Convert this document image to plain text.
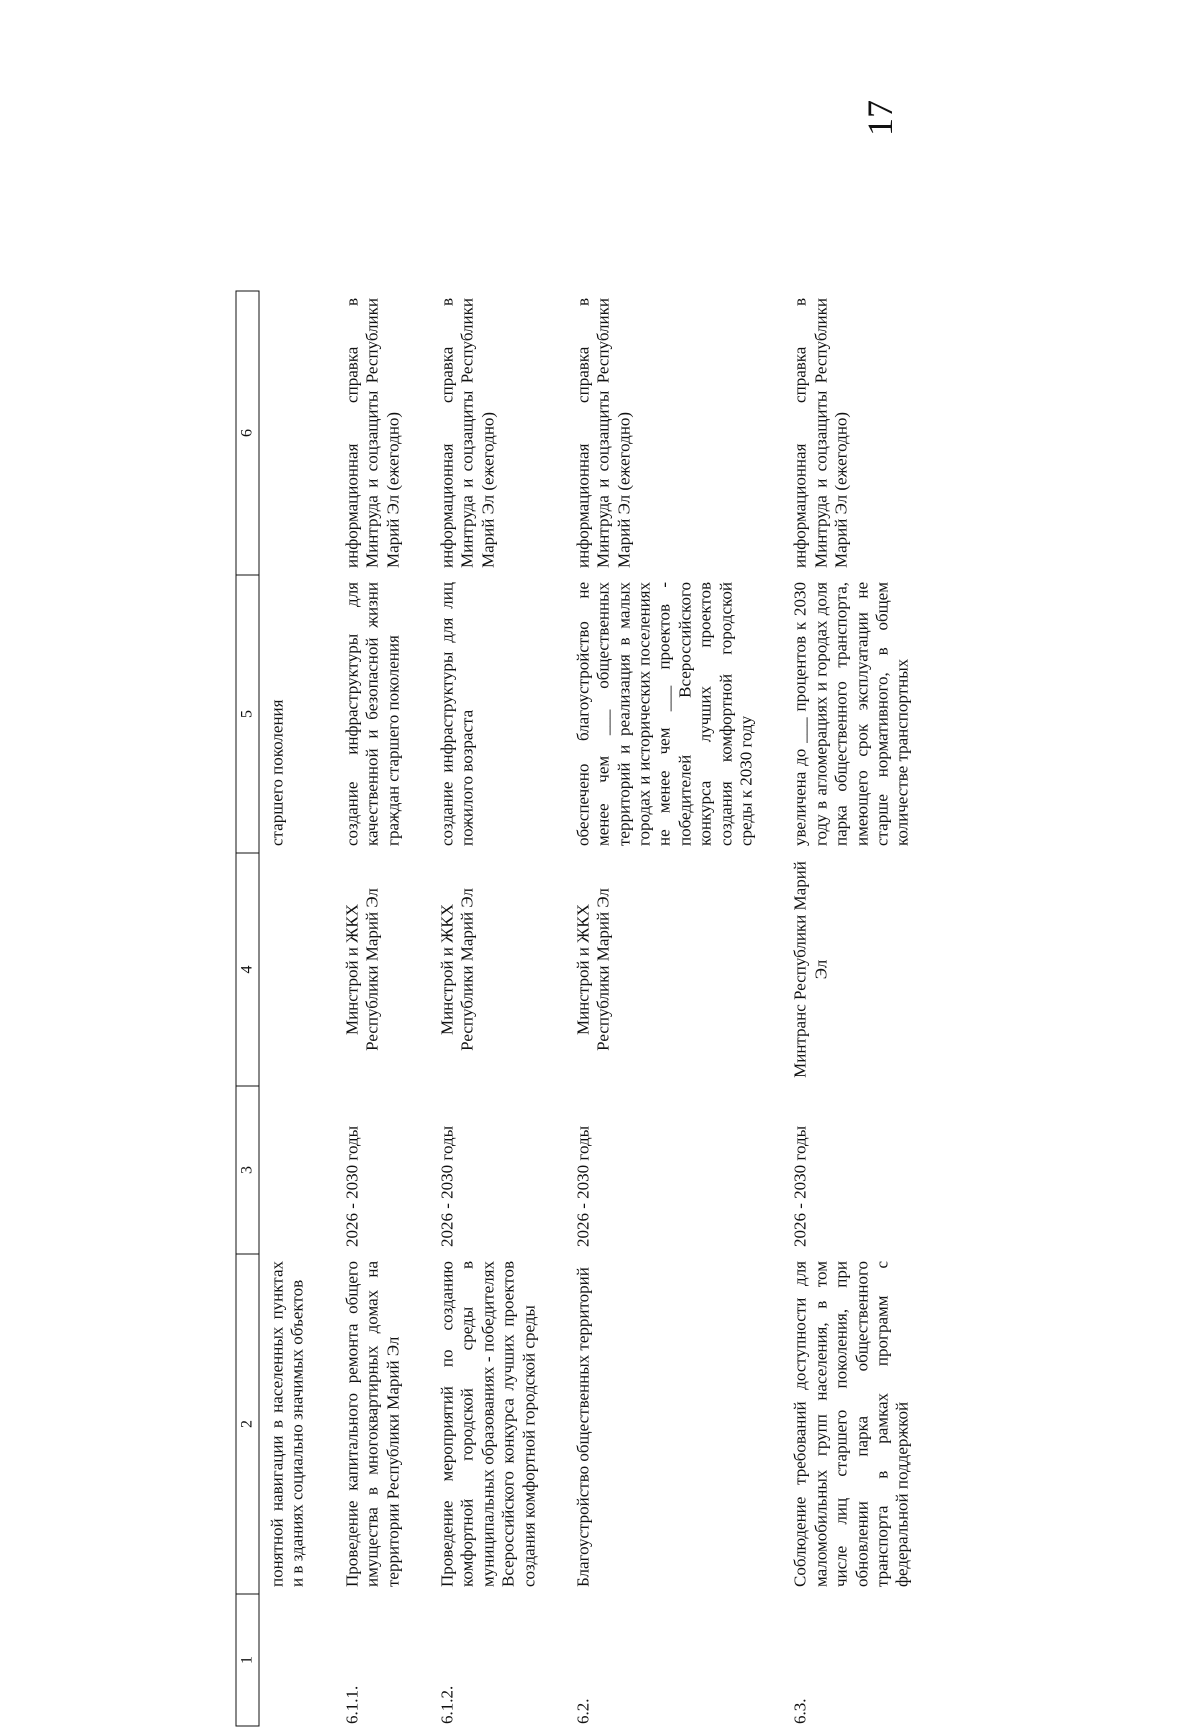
17
1	2	3	4	5	6
	понятной навигации в населенных пунктах и в зданиях социально значимых объектов			старшего поколения	
6.1.1.	Проведение капитального ремонта общего имущества в многоквартирных домах на территории Республики Марий Эл	2026 - 2030 годы	Минстрой и ЖКХ Республики Марий Эл	создание инфраструктуры для качественной и безопасной жизни граждан старшего поколения	информационная справка в Минтруда и соцзащиты Республики Марий Эл (ежегодно)
6.1.2.	Проведение мероприятий по созданию комфортной городской среды в муниципальных образованиях - победителях Всероссийского конкурса лучших проектов создания комфортной городской среды	2026 - 2030 годы	Минстрой и ЖКХ Республики Марий Эл	создание инфраструктуры для лиц пожилого возраста	информационная справка в Минтруда и соцзащиты Республики Марий Эл (ежегодно)
6.2.	Благоустройство общественных территорий	2026 - 2030 годы	Минстрой и ЖКХ Республики Марий Эл	обеспечено благоустройство не менее чем ___ общественных территорий и реализация в малых городах и исторических поселениях не менее чем ___ проектов - победителей Всероссийского конкурса лучших проектов создания комфортной городской среды к 2030 году	информационная справка в Минтруда и соцзащиты Республики Марий Эл (ежегодно)
6.3.	Соблюдение требований доступности для маломобильных групп населения, в том числе лиц старшего поколения, при обновлении парка общественного транспорта в рамках программ с федеральной поддержкой	2026 - 2030 годы	Минтранс Республики Марий Эл	увеличена до ___ процентов к 2030 году в агломерациях и городах доля парка общественного транспорта, имеющего срок эксплуатации не старше нормативного, в общем количестве транспортных	информационная справка в Минтруда и соцзащиты Республики Марий Эл (ежегодно)
